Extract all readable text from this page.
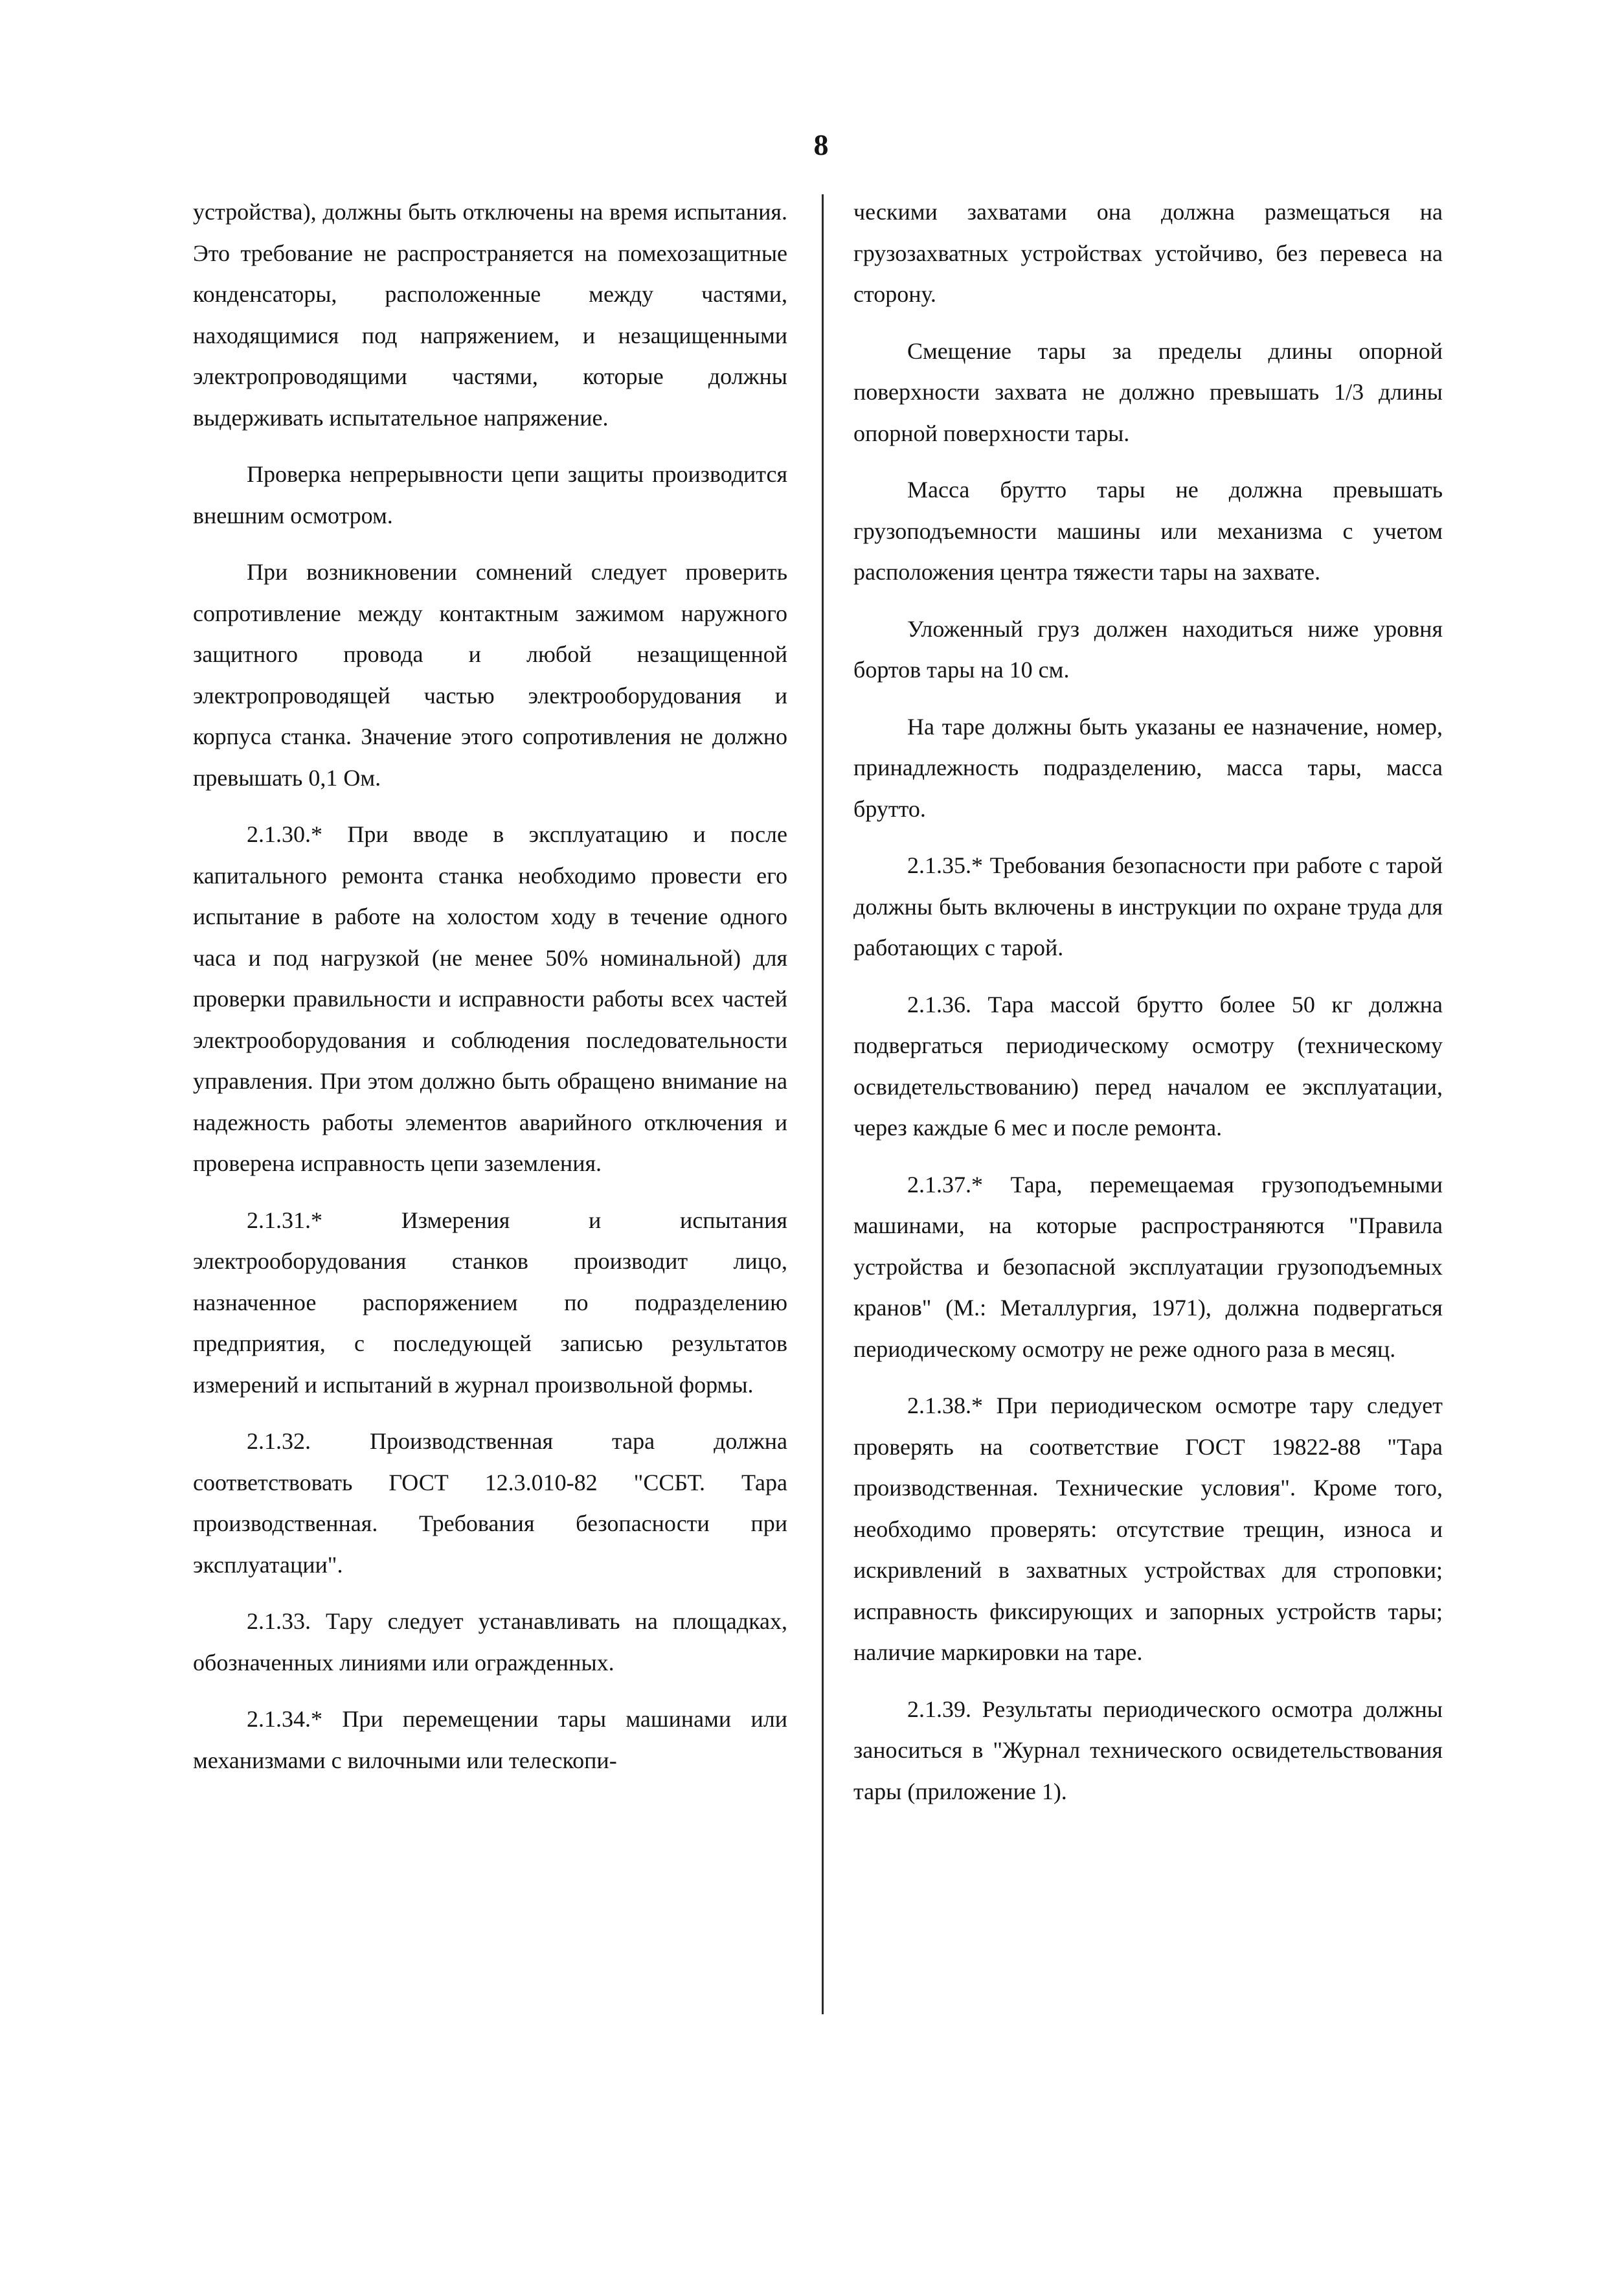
8

устройства), должны быть отключены на время испытания. Это требование не распространяется на помехозащитные конденсаторы, расположенные между частями, находящимися под напряжением, и незащищенными электропроводящими частями, которые должны выдерживать испытательное напряжение.

Проверка непрерывности цепи защиты производится внешним осмотром.

При возникновении сомнений следует проверить сопротивление между контактным зажимом наружного защитного провода и любой незащищенной электропроводящей частью электрооборудования и корпуса станка. Значение этого сопротивления не должно превышать 0,1 Ом.

2.1.30.* При вводе в эксплуатацию и после капитального ремонта станка необходимо провести его испытание в работе на холостом ходу в течение одного часа и под нагрузкой (не менее 50% номинальной) для проверки правильности и исправности работы всех частей электрооборудования и соблюдения последовательности управления. При этом должно быть обращено внимание на надежность работы элементов аварийного отключения и проверена исправность цепи заземления.

2.1.31.* Измерения и испытания электрооборудования станков производит лицо, назначенное распоряжением по подразделению предприятия, с последующей записью результатов измерений и испытаний в журнал произвольной формы.

2.1.32. Производственная тара должна соответствовать ГОСТ 12.3.010-82 "ССБТ. Тара производственная. Требования безопасности при эксплуатации".

2.1.33. Тару следует устанавливать на площадках, обозначенных линиями или огражденных.

2.1.34.* При перемещении тары машинами или механизмами с вилочными или телескопи-

ческими захватами она должна размещаться на грузозахватных устройствах устойчиво, без перевеса на сторону.

Смещение тары за пределы длины опорной поверхности захвата не должно превышать 1/3 длины опорной поверхности тары.

Масса брутто тары не должна превышать грузоподъемности машины или механизма с учетом расположения центра тяжести тары на захвате.

Уложенный груз должен находиться ниже уровня бортов тары на 10 см.

На таре должны быть указаны ее назначение, номер, принадлежность подразделению, масса тары, масса брутто.

2.1.35.* Требования безопасности при работе с тарой должны быть включены в инструкции по охране труда для работающих с тарой.

2.1.36. Тара массой брутто более 50 кг должна подвергаться периодическому осмотру (техническому освидетельствованию) перед началом ее эксплуатации, через каждые 6 мес и после ремонта.

2.1.37.* Тара, перемещаемая грузоподъемными машинами, на которые распространяются "Правила устройства и безопасной эксплуатации грузоподъемных кранов" (М.: Металлургия, 1971), должна подвергаться периодическому осмотру не реже одного раза в месяц.

2.1.38.* При периодическом осмотре тару следует проверять на соответствие ГОСТ 19822-88 "Тара производственная. Технические условия". Кроме того, необходимо проверять: отсутствие трещин, износа и искривлений в захватных устройствах для строповки; исправность фиксирующих и запорных устройств тары; наличие маркировки на таре.

2.1.39. Результаты периодического осмотра должны заноситься в "Журнал технического освидетельствования тары (приложение 1).
